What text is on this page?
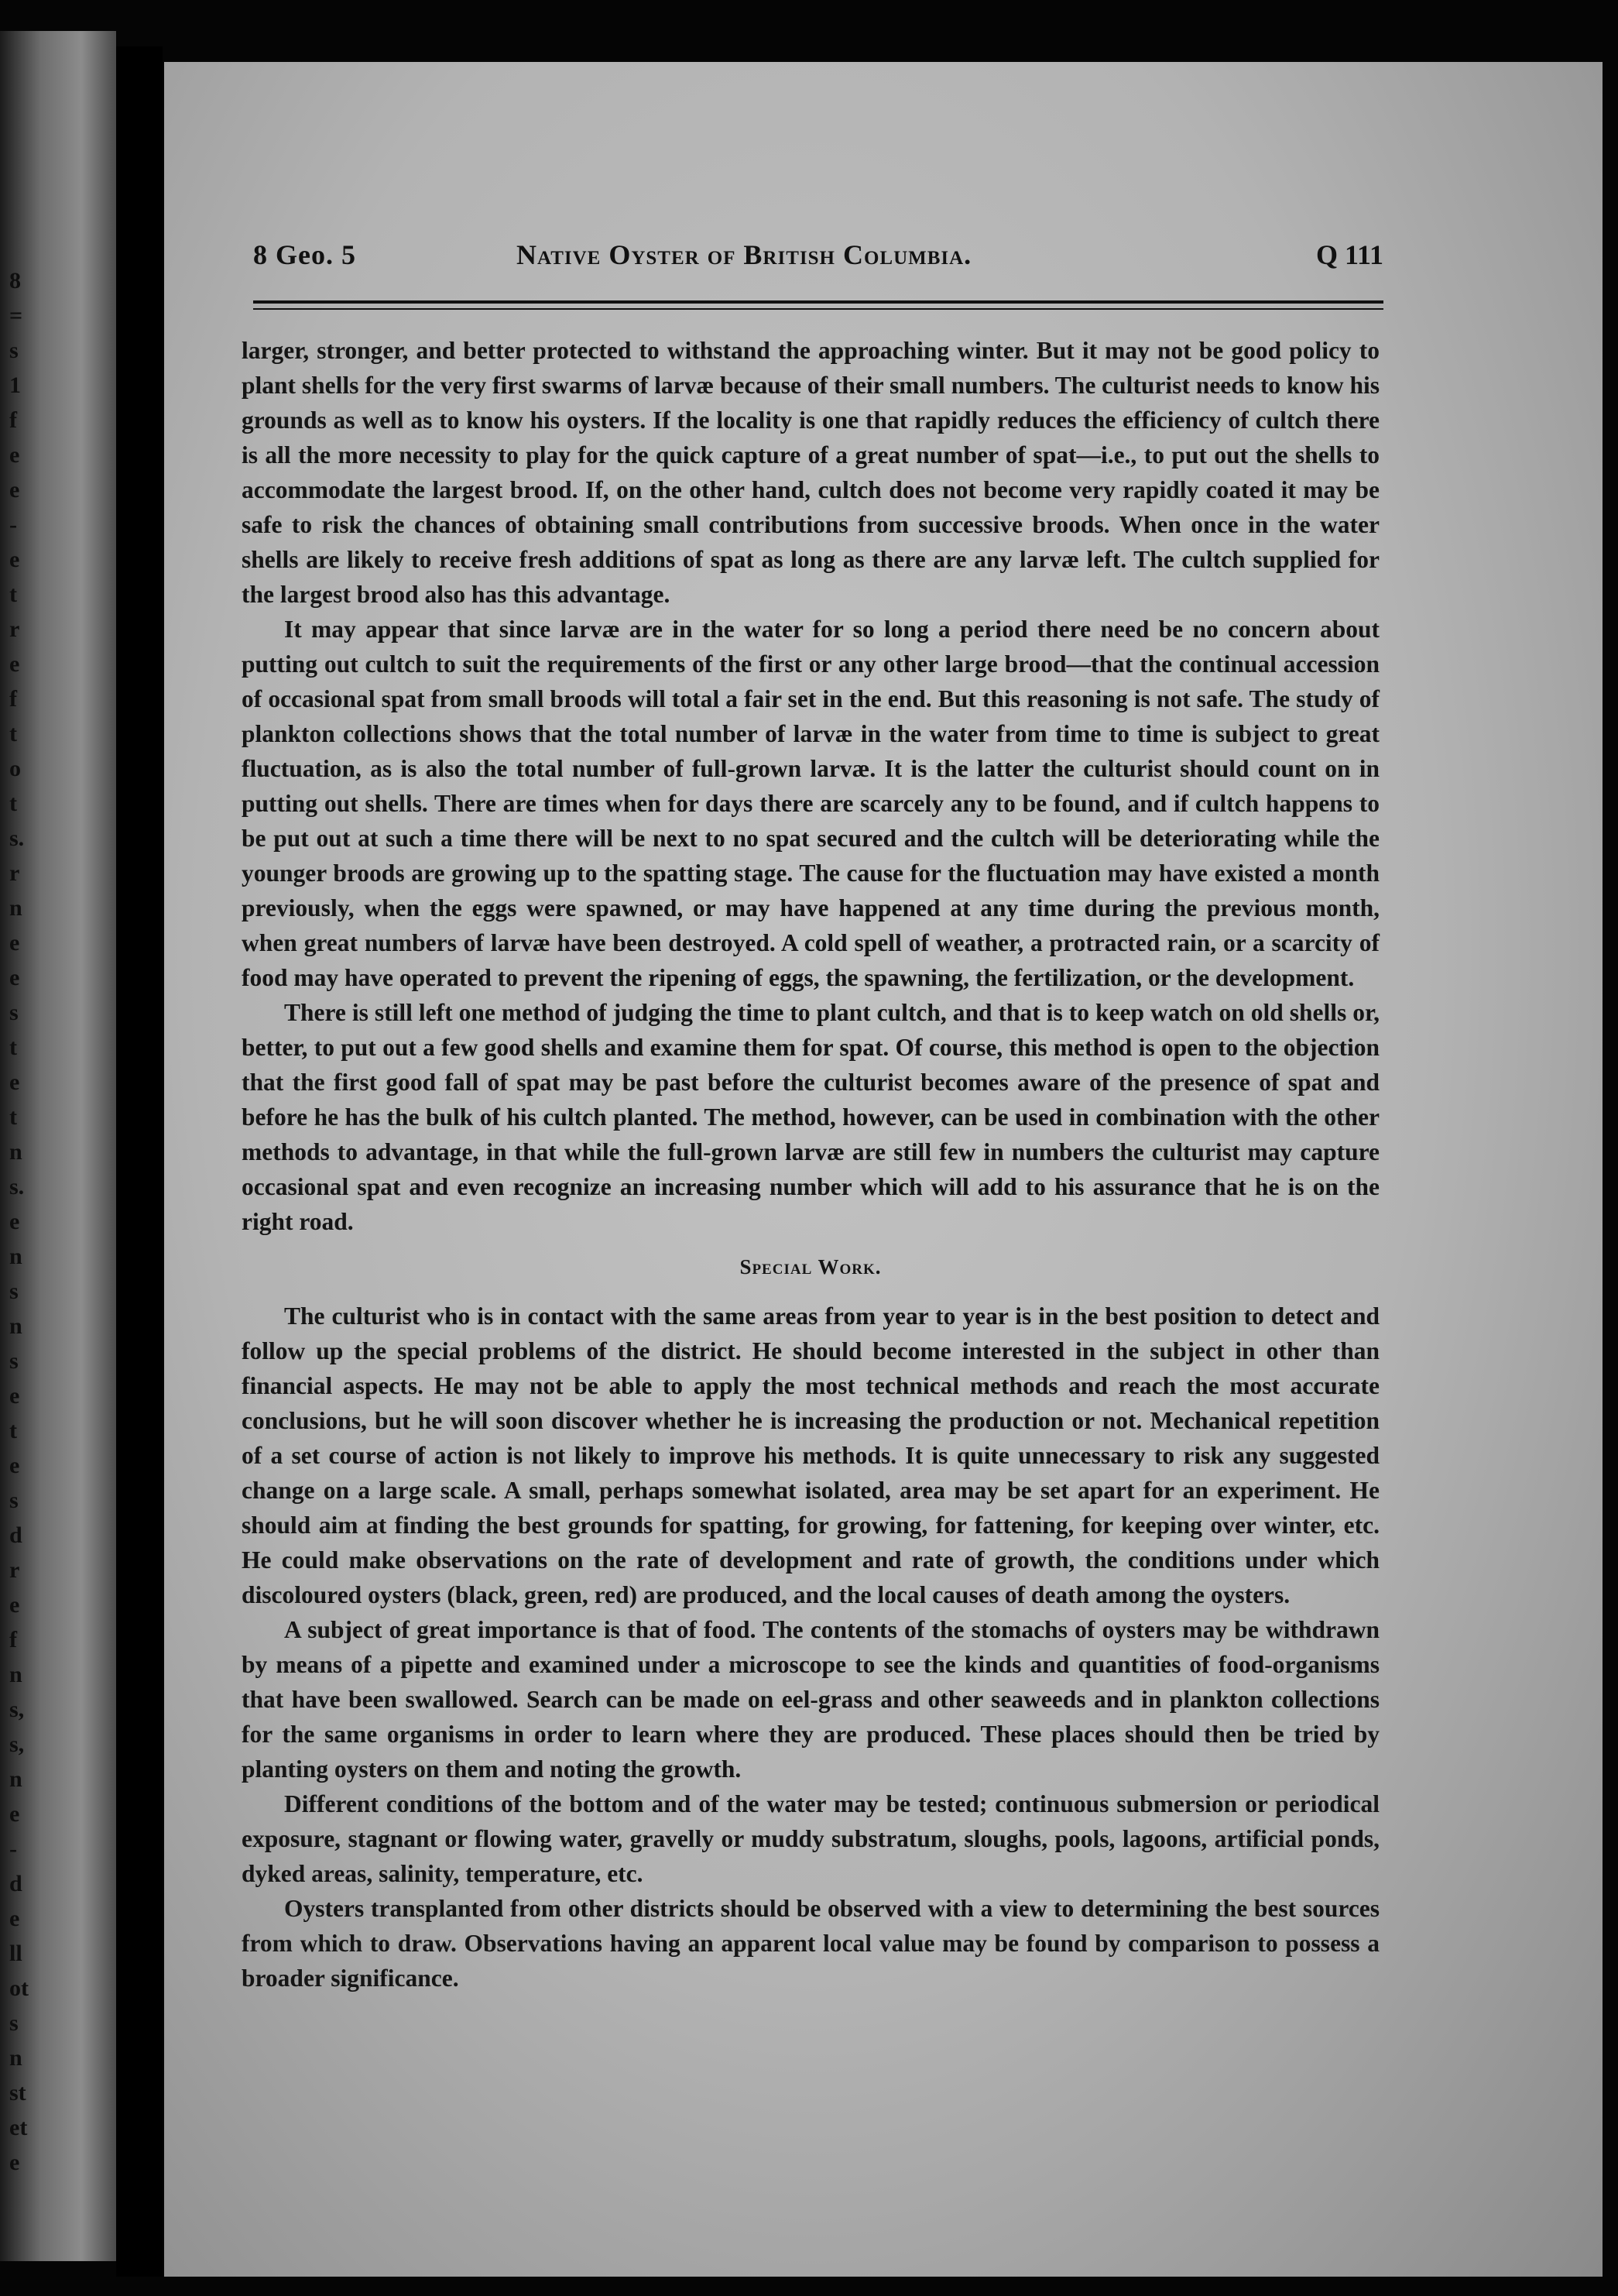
8
=
s
1
f
e
e
-
e
t
r
e
f
t
o
t
s.
r
n
e
e
s
t
e
t
n
s.
e
n
s
n
s
e
t
e
s
d
r
e
f
n
s,
s,
n
e
-
d
e
ll
ot
s
n
st
et
e
8 Geo. 5	Native Oyster of British Columbia.	Q 111

larger, stronger, and better protected to withstand the approaching winter. But it may not be good policy to plant shells for the very first swarms of larvæ because of their small numbers. The culturist needs to know his grounds as well as to know his oysters. If the locality is one that rapidly reduces the efficiency of cultch there is all the more necessity to play for the quick capture of a great number of spat—i.e., to put out the shells to accommodate the largest brood. If, on the other hand, cultch does not become very rapidly coated it may be safe to risk the chances of obtaining small contributions from successive broods. When once in the water shells are likely to receive fresh additions of spat as long as there are any larvæ left. The cultch supplied for the largest brood also has this advantage.

It may appear that since larvæ are in the water for so long a period there need be no concern about putting out cultch to suit the requirements of the first or any other large brood—that the continual accession of occasional spat from small broods will total a fair set in the end. But this reasoning is not safe. The study of plankton collections shows that the total number of larvæ in the water from time to time is subject to great fluctuation, as is also the total number of full-grown larvæ. It is the latter the culturist should count on in putting out shells. There are times when for days there are scarcely any to be found, and if cultch happens to be put out at such a time there will be next to no spat secured and the cultch will be deteriorating while the younger broods are growing up to the spatting stage. The cause for the fluctuation may have existed a month previously, when the eggs were spawned, or may have happened at any time during the previous month, when great numbers of larvæ have been destroyed. A cold spell of weather, a protracted rain, or a scarcity of food may have operated to prevent the ripening of eggs, the spawning, the fertilization, or the development.

There is still left one method of judging the time to plant cultch, and that is to keep watch on old shells or, better, to put out a few good shells and examine them for spat. Of course, this method is open to the objection that the first good fall of spat may be past before the culturist becomes aware of the presence of spat and before he has the bulk of his cultch planted. The method, however, can be used in combination with the other methods to advantage, in that while the full-grown larvæ are still few in numbers the culturist may capture occasional spat and even recognize an increasing number which will add to his assurance that he is on the right road.

Special Work.

The culturist who is in contact with the same areas from year to year is in the best position to detect and follow up the special problems of the district. He should become interested in the subject in other than financial aspects. He may not be able to apply the most technical methods and reach the most accurate conclusions, but he will soon discover whether he is increasing the production or not. Mechanical repetition of a set course of action is not likely to improve his methods. It is quite unnecessary to risk any suggested change on a large scale. A small, perhaps somewhat isolated, area may be set apart for an experiment. He should aim at finding the best grounds for spatting, for growing, for fattening, for keeping over winter, etc. He could make observations on the rate of development and rate of growth, the conditions under which discoloured oysters (black, green, red) are produced, and the local causes of death among the oysters.

A subject of great importance is that of food. The contents of the stomachs of oysters may be withdrawn by means of a pipette and examined under a microscope to see the kinds and quantities of food-organisms that have been swallowed. Search can be made on eel-grass and other seaweeds and in plankton collections for the same organisms in order to learn where they are produced. These places should then be tried by planting oysters on them and noting the growth.

Different conditions of the bottom and of the water may be tested; continuous submersion or periodical exposure, stagnant or flowing water, gravelly or muddy substratum, sloughs, pools, lagoons, artificial ponds, dyked areas, salinity, temperature, etc.

Oysters transplanted from other districts should be observed with a view to determining the best sources from which to draw. Observations having an apparent local value may be found by comparison to possess a broader significance.
